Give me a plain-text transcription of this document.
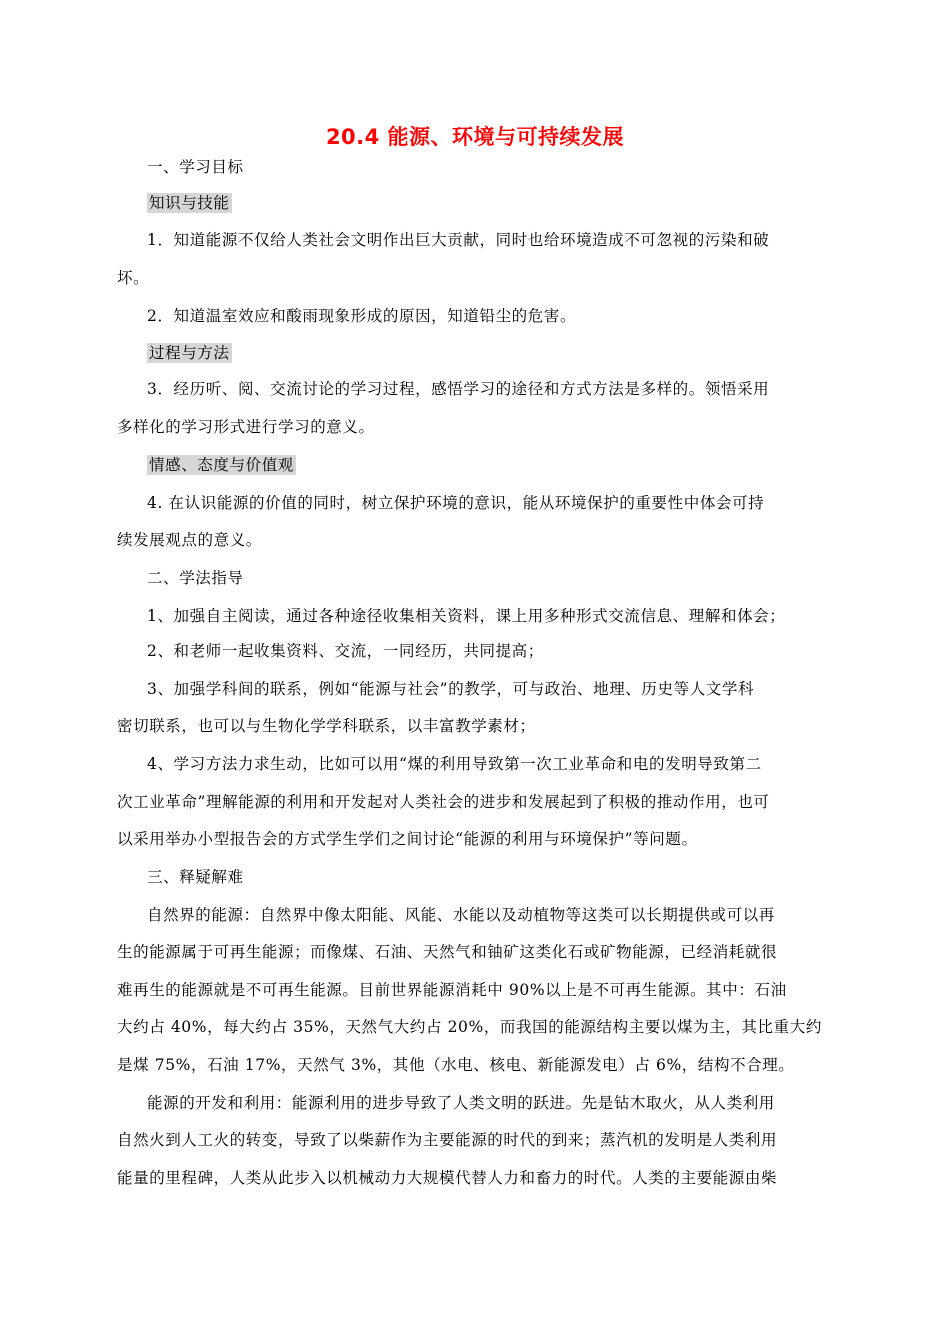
20.4 能源、环境与可持续发展
一、学习目标
知识与技能
1．知道能源不仅给人类社会文明作出巨大贡献，同时也给环境造成不可忽视的污染和破
坏。
2．知道温室效应和酸雨现象形成的原因，知道铅尘的危害。
过程与方法
3．经历听、阅、交流讨论的学习过程，感悟学习的途径和方式方法是多样的。领悟采用
多样化的学习形式进行学习的意义。
情感、态度与价值观
4. 在认识能源的价值的同时，树立保护环境的意识，能从环境保护的重要性中体会可持
续发展观点的意义。
二、学法指导
1、加强自主阅读，通过各种途径收集相关资料，课上用多种形式交流信息、理解和体会；
2、和老师一起收集资料、交流，一同经历，共同提高；
3、加强学科间的联系，例如“能源与社会”的教学，可与政治、地理、历史等人文学科
密切联系，也可以与生物化学学科联系，以丰富教学素材；
4、学习方法力求生动，比如可以用“煤的利用导致第一次工业革命和电的发明导致第二
次工业革命”理解能源的利用和开发起对人类社会的进步和发展起到了积极的推动作用，也可
以采用举办小型报告会的方式学生学们之间讨论“能源的利用与环境保护”等问题。
三、释疑解难
自然界的能源：自然界中像太阳能、风能、水能以及动植物等这类可以长期提供或可以再
生的能源属于可再生能源；而像煤、石油、天然气和铀矿这类化石或矿物能源，已经消耗就很
难再生的能源就是不可再生能源。目前世界能源消耗中 90%以上是不可再生能源。其中：石油
大约占 40%，每大约占 35%，天然气大约占 20%，而我国的能源结构主要以煤为主，其比重大约
是煤 75%，石油 17%，天然气 3%，其他（水电、核电、新能源发电）占 6%，结构不合理。
能源的开发和利用：能源利用的进步导致了人类文明的跃进。先是钻木取火，从人类利用
自然火到人工火的转变，导致了以柴薪作为主要能源的时代的到来；蒸汽机的发明是人类利用
能量的里程碑，人类从此步入以机械动力大规模代替人力和畜力的时代。人类的主要能源由柴
